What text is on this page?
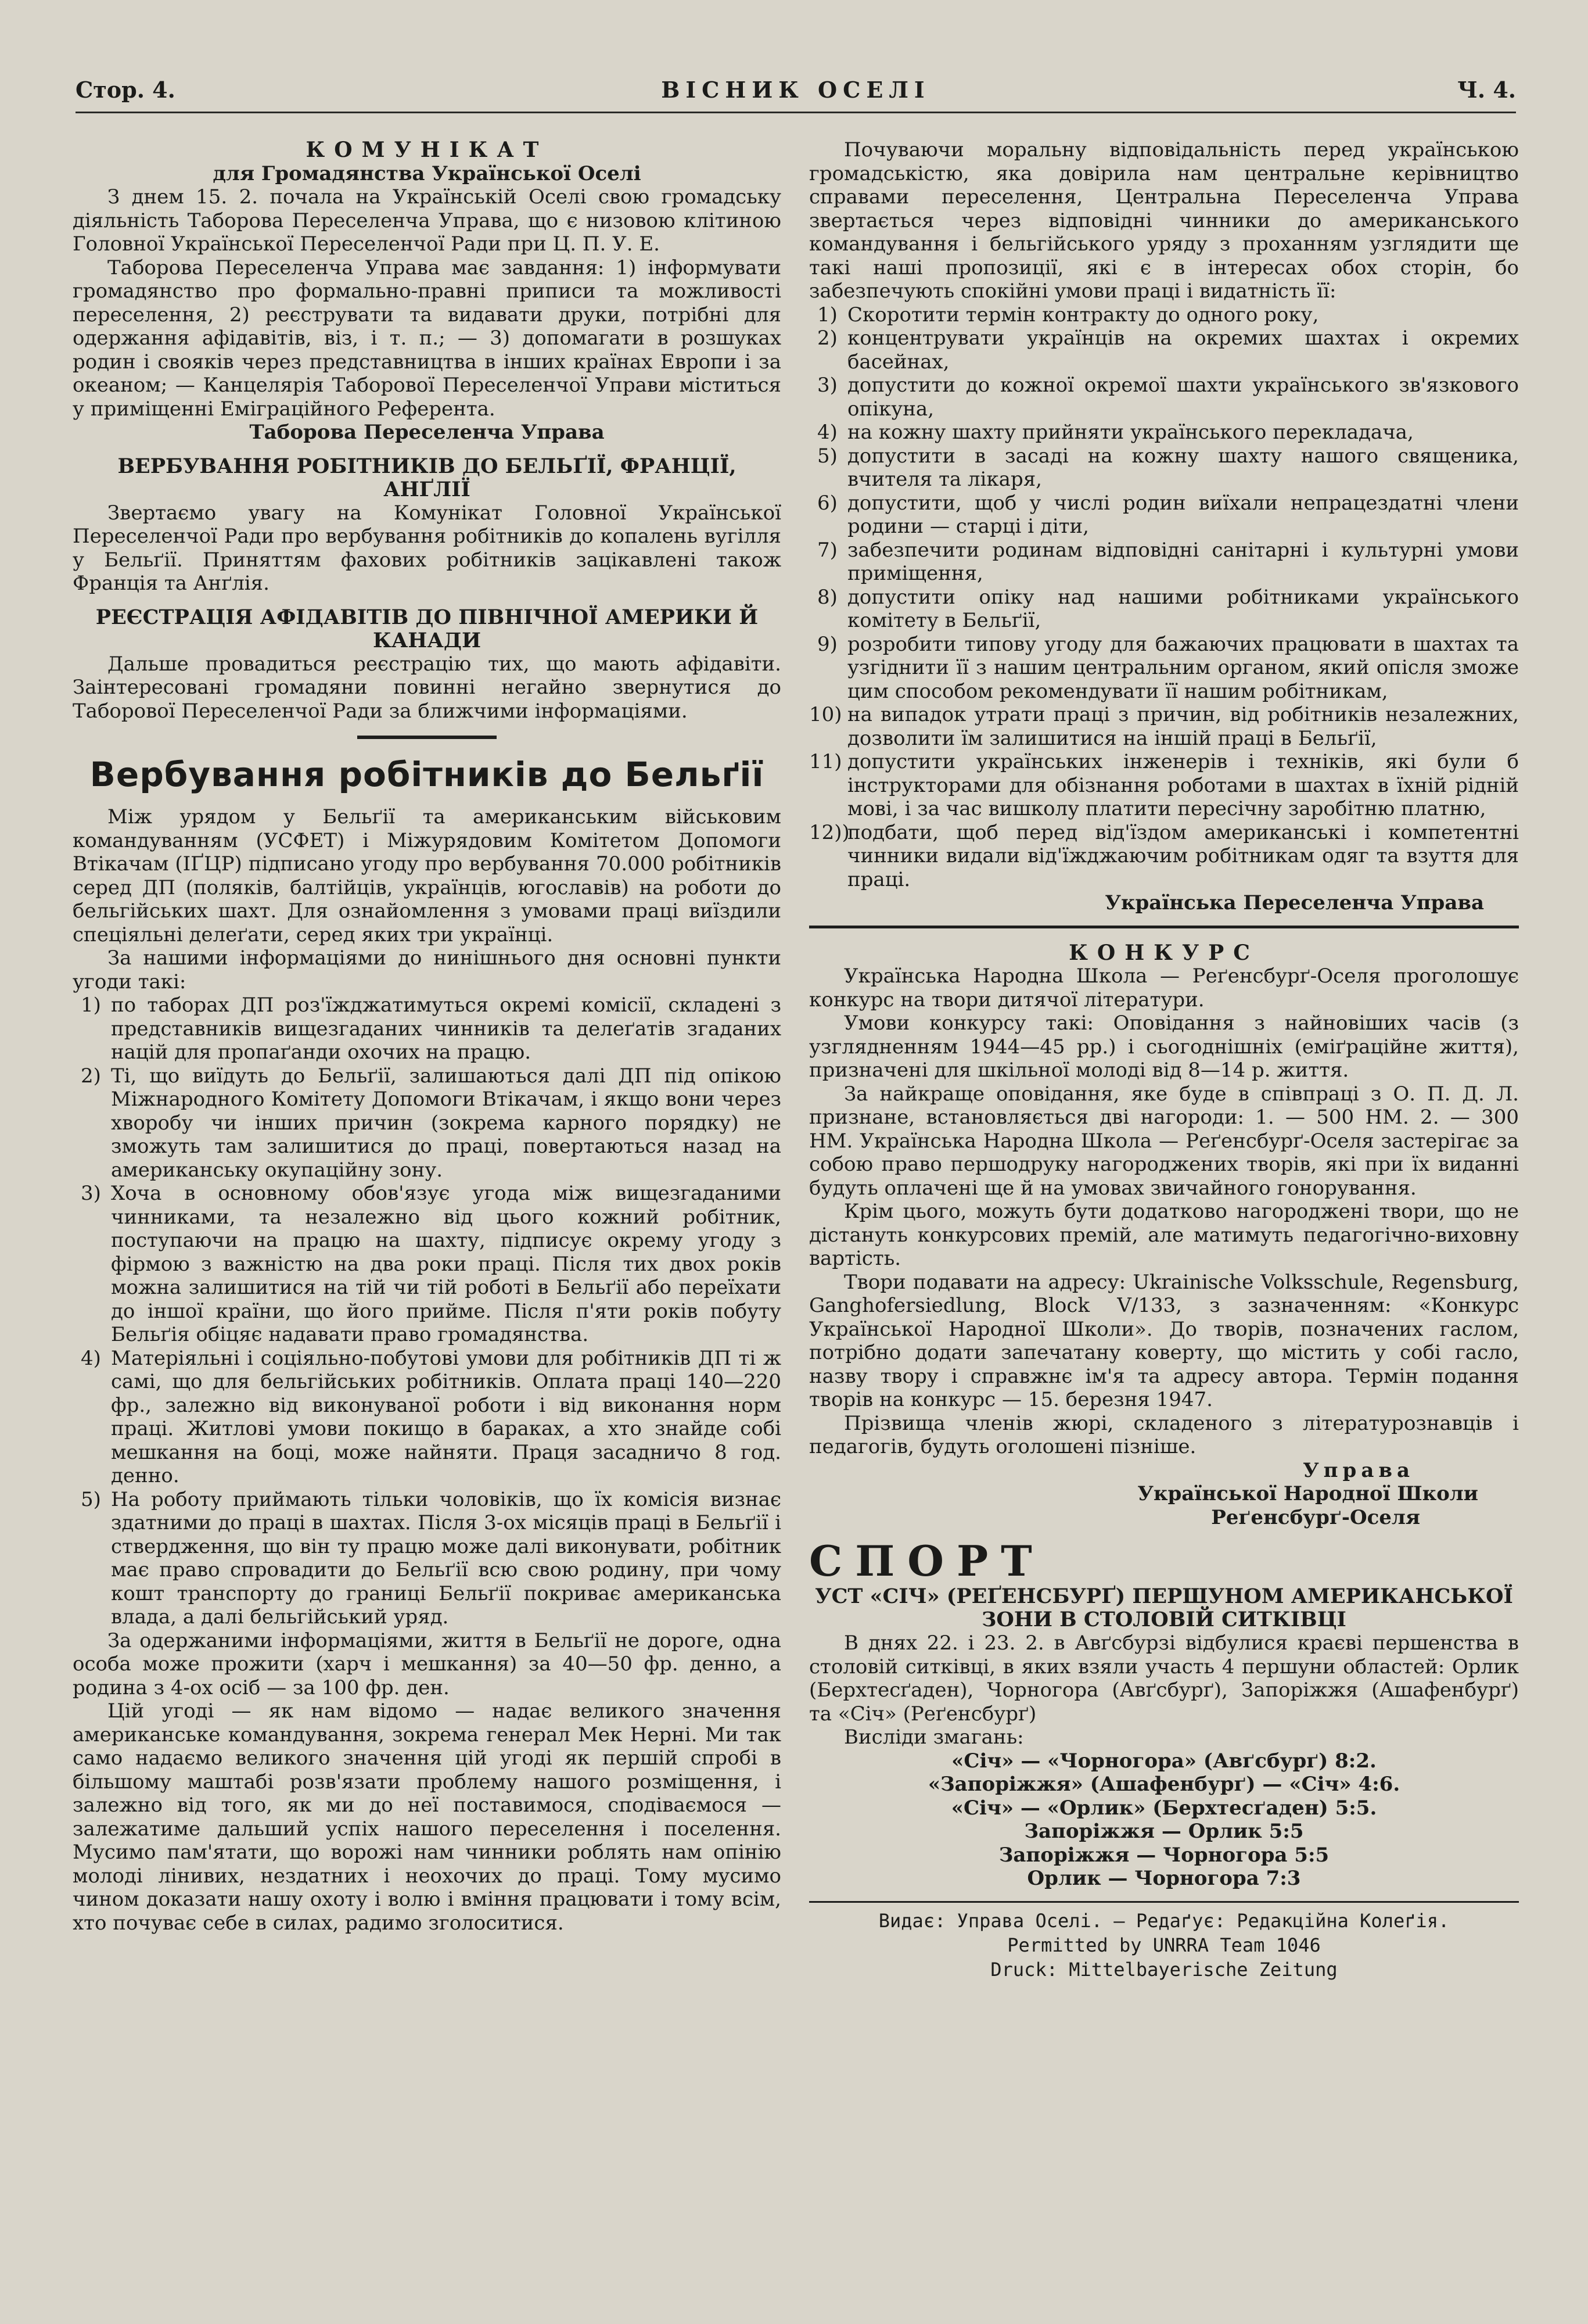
Стор. 4.	ВІСНИК ОСЕЛІ	Ч. 4.

КОМУНІКАТ

для Громадянства Української Оселі

З днем 15. 2. почала на Українській Оселі свою громадську діяльність Таборова Переселенча Управа, що є низовою клітиною Головної Української Переселенчої Ради при Ц. П. У. Е.

Таборова Переселенча Управа має завдання: 1) інформувати громадянство про формально-правні приписи та можливості переселення, 2) реєструвати та видавати друки, потрібні для одержання афідавітів, віз, і т. п.; — 3) допомагати в розшуках родин і свояків через представництва в інших країнах Европи і за океаном; — Канцелярія Таборової Переселенчої Управи міститься у приміщенні Еміграційного Референта.

Таборова Переселенча Управа

ВЕРБУВАННЯ РОБІТНИКІВ ДО БЕЛЬҐІЇ, ФРАНЦІЇ, АНҐЛІЇ

Звертаємо увагу на Комунікат Головної Української Переселенчої Ради про вербування робітників до копалень вугілля у Бельґії. Приняттям фахових робітників зацікавлені також Франція та Анґлія.

РЕЄСТРАЦІЯ АФІДАВІТІВ ДО ПІВНІЧНОЇ АМЕРИКИ Й КАНАДИ

Дальше провадиться реєстрацію тих, що мають афідавіти. Заінтересовані громадяни повинні негайно звернутися до Таборової Переселенчої Ради за ближчими інформаціями.

Вербування робітників до Бельґії

Між урядом у Бельґії та американським військовим командуванням (УСФЕТ) і Міжурядовим Комітетом Допомоги Втікачам (ІҐЦР) підписано угоду про вербування 70.000 робітників серед ДП (поляків, балтійців, українців, югославів) на роботи до бельгійських шахт. Для ознайомлення з умовами праці виїздили спеціяльні делеґати, серед яких три українці.

За нашими інформаціями до нинішнього дня основні пункти угоди такі:

1) по таборах ДП роз'їжджатимуться окремі комісії, складені з представників вищезгаданих чинників та делеґатів згаданих націй для пропаґанди охочих на працю.
2) Ті, що виїдуть до Бельґії, залишаються далі ДП під опікою Міжнародного Комітету Допомоги Втікачам, і якщо вони через хворобу чи інших причин (зокрема карного порядку) не зможуть там залишитися до праці, повертаються назад на американську окупаційну зону.
3) Хоча в основному обов'язує угода між вищезгаданими чинниками, та незалежно від цього кожний робітник, поступаючи на працю на шахту, підписує окрему угоду з фірмою з важністю на два роки праці. Після тих двох років можна залишитися на тій чи тій роботі в Бельґії або переїхати до іншої країни, що його прийме. Після п'яти років побуту Бельґія обіцяє надавати право громадянства.
4) Матеріяльні і соціяльно-побутові умови для робітників ДП ті ж самі, що для бельгійських робітників. Оплата праці 140—220 фр., залежно від виконуваної роботи і від виконання норм праці. Житлові умови покищо в бараках, а хто знайде собі мешкання на боці, може найняти. Праця засадничо 8 год. денно.
5) На роботу приймають тільки чоловіків, що їх комісія визнає здатними до праці в шахтах. Після 3-ох місяців праці в Бельґії і ствердження, що він ту працю може далі виконувати, робітник має право спровадити до Бельґії всю свою родину, при чому кошт транспорту до границі Бельґії покриває американська влада, а далі бельгійський уряд.

За одержаними інформаціями, життя в Бельґії не дороге, одна особа може прожити (харч і мешкання) за 40—50 фр. денно, а родина з 4-ох осіб — за 100 фр. ден.

Цій угоді — як нам відомо — надає великого значення американське командування, зокрема генерал Мек Нерні. Ми так само надаємо великого значення цій угоді як першій спробі в більшому маштабі розв'язати проблему нашого розміщення, і залежно від того, як ми до неї поставимося, сподіваємося — залежатиме дальший успіх нашого переселення і поселення. Мусимо пам'ятати, що ворожі нам чинники роблять нам опінію молоді лінивих, нездатних і неохочих до праці. Тому мусимо чином доказати нашу охоту і волю і вміння працювати і тому всім, хто почуває себе в силах, радимо зголоситися.

Почуваючи моральну відповідальність перед українською громадськістю, яка довірила нам центральне керівництво справами переселення, Центральна Переселенча Управа звертається через відповідні чинники до американського командування і бельгійського уряду з проханням узглядити ще такі наші пропозиції, які є в інтересах обох сторін, бо забезпечують спокійні умови праці і видатність її:

1) Скоротити термін контракту до одного року,
2) концентрувати українців на окремих шахтах і окремих басейнах,
3) допустити до кожної окремої шахти українського зв'язкового опікуна,
4) на кожну шахту прийняти українського перекладача,
5) допустити в засаді на кожну шахту нашого священика, вчителя та лікаря,
6) допустити, щоб у числі родин виїхали непрацездатні члени родини — старці і діти,
7) забезпечити родинам відповідні санітарні і культурні умови приміщення,
8) допустити опіку над нашими робітниками українського комітету в Бельґії,
9) розробити типову угоду для бажаючих працювати в шахтах та узгіднити її з нашим центральним органом, який опісля зможе цим способом рекомендувати її нашим робітникам,
10) на випадок утрати праці з причин, від робітників незалежних, дозволити їм залишитися на іншій праці в Бельґії,
11) допустити українських інженерів і техніків, які були б інструкторами для обізнання роботами в шахтах в їхній рідній мові, і за час вишколу платити пересічну заробітню платню,
12))
подбати, щоб перед від'їздом американські і компетентні чинники видали від'їжджаючим робітникам одяг та взуття для праці.

Українська Переселенча Управа

КОНКУРС

Українська Народна Школа — Реґенсбурґ-Оселя проголошує конкурс на твори дитячої літератури.

Умови конкурсу такі: Оповідання з найновіших часів (з узглядненням 1944—45 рр.) і сьогоднішніх (еміґраційне життя), призначені для шкільної молоді від 8—14 р. життя.

За найкраще оповідання, яке буде в співпраці з О. П. Д. Л. признане, встановляється дві нагороди: 1. — 500 НМ. 2. — 300 НМ. Українська Народна Школа — Реґенсбурґ-Оселя застерігає за собою право першодруку нагороджених творів, які при їх виданні будуть оплачені ще й на умовах звичайного гонорування.

Крім цього, можуть бути додатково нагороджені твори, що не дістануть конкурсових премій, але матимуть педагогічно-виховну вартість.

Твори подавати на адресу: Ukrainische Volksschule, Regensburg, Ganghofersiedlung, Block V/133, з зазначенням: «Конкурс Української Народної Школи». До творів, позначених гаслом, потрібно додати запечатану коверту, що містить у собі гасло, назву твору і справжнє ім'я та адресу автора. Термін подання творів на конкурс — 15. березня 1947.

Прізвища членів жюрі, складеного з літературознавців і педагогів, будуть оголошені пізніше.

Управа

Української Народної Школи

Реґенсбурґ-Оселя

СПОРТ
УСТ «СІЧ» (РЕҐЕНСБУРҐ) ПЕРШУНОМ АМЕРИКАНСЬКОЇ ЗОНИ В СТОЛОВІЙ СИТКІВЦІ

В днях 22. і 23. 2. в Авґсбурзі відбулися краєві першенства в столовій ситківці, в яких взяли участь 4 першуни областей: Орлик (Берхтесґаден), Чорногора (Авґсбурґ), Запоріжжя (Ашафенбурґ) та «Січ» (Реґенсбурґ)

Висліди змагань:

«Січ» — «Чорногора» (Авґсбурґ) 8:2.

«Запоріжжя» (Ашафенбурґ) — «Січ» 4:6.

«Січ» — «Орлик» (Берхтесґаден) 5:5.

Запоріжжя — Орлик 5:5

Запоріжжя — Чорногора 5:5

Орлик — Чорногора 7:3

Видає: Управа Оселі. — Редаґує: Редакційна Колеґія.

Permitted by UNRRA Team 1046

Druck: Mittelbayerische Zeitung
